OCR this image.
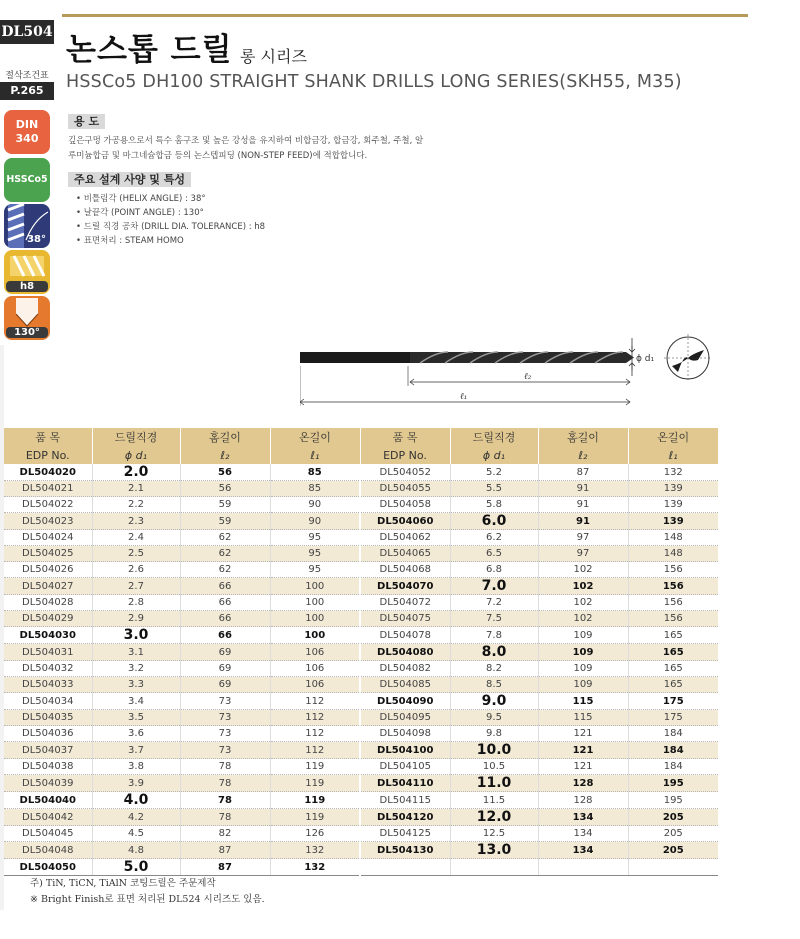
DL504
절삭조건표
P.265
논스톱 드릴 롱 시리즈
HSSCo5 DH100 STRAIGHT SHANK DRILLS LONG SERIES(SKH55, M35)
DIN
340
HSSCo5
38°
h8
130°
용 도
깊은구멍 가공용으로서 특수 홈구조 및 높은 강성을 유지하여 비합금강, 합금강, 회주철, 주철, 알루미늄합금 및 마그네슘합금 등의 논스텝피딩 (NON-STEP FEED)에 적합합니다.
주요 설계 사양 및 특성
• 비틀림각 (HELIX ANGLE) : 38°
• 날끝각 (POINT ANGLE) : 130°
• 드릴 직경 공차 (DRILL DIA. TOLERANCE) : h8
• 표면처리 : STEAM HOMO
ϕ d₁
ℓ₂
ℓ₁
품 목	드릴직경	홈길이	온길이	품 목	드릴직경	홈길이	온길이
EDP No.	ϕ d₁	ℓ₂	ℓ₁	EDP No.	ϕ d₁	ℓ₂	ℓ₁
DL504020	2.0	56	85	DL504052	5.2	87	132
DL504021	2.1	56	85	DL504055	5.5	91	139
DL504022	2.2	59	90	DL504058	5.8	91	139
DL504023	2.3	59	90	DL504060	6.0	91	139
DL504024	2.4	62	95	DL504062	6.2	97	148
DL504025	2.5	62	95	DL504065	6.5	97	148
DL504026	2.6	62	95	DL504068	6.8	102	156
DL504027	2.7	66	100	DL504070	7.0	102	156
DL504028	2.8	66	100	DL504072	7.2	102	156
DL504029	2.9	66	100	DL504075	7.5	102	156
DL504030	3.0	66	100	DL504078	7.8	109	165
DL504031	3.1	69	106	DL504080	8.0	109	165
DL504032	3.2	69	106	DL504082	8.2	109	165
DL504033	3.3	69	106	DL504085	8.5	109	165
DL504034	3.4	73	112	DL504090	9.0	115	175
DL504035	3.5	73	112	DL504095	9.5	115	175
DL504036	3.6	73	112	DL504098	9.8	121	184
DL504037	3.7	73	112	DL504100	10.0	121	184
DL504038	3.8	78	119	DL504105	10.5	121	184
DL504039	3.9	78	119	DL504110	11.0	128	195
DL504040	4.0	78	119	DL504115	11.5	128	195
DL504042	4.2	78	119	DL504120	12.0	134	205
DL504045	4.5	82	126	DL504125	12.5	134	205
DL504048	4.8	87	132	DL504130	13.0	134	205
DL504050	5.0	87	132				
주) TiN, TiCN, TiAlN 코팅드릴은 주문제작
※ Bright Finish로 표면 처리된 DL524 시리즈도 있음.
